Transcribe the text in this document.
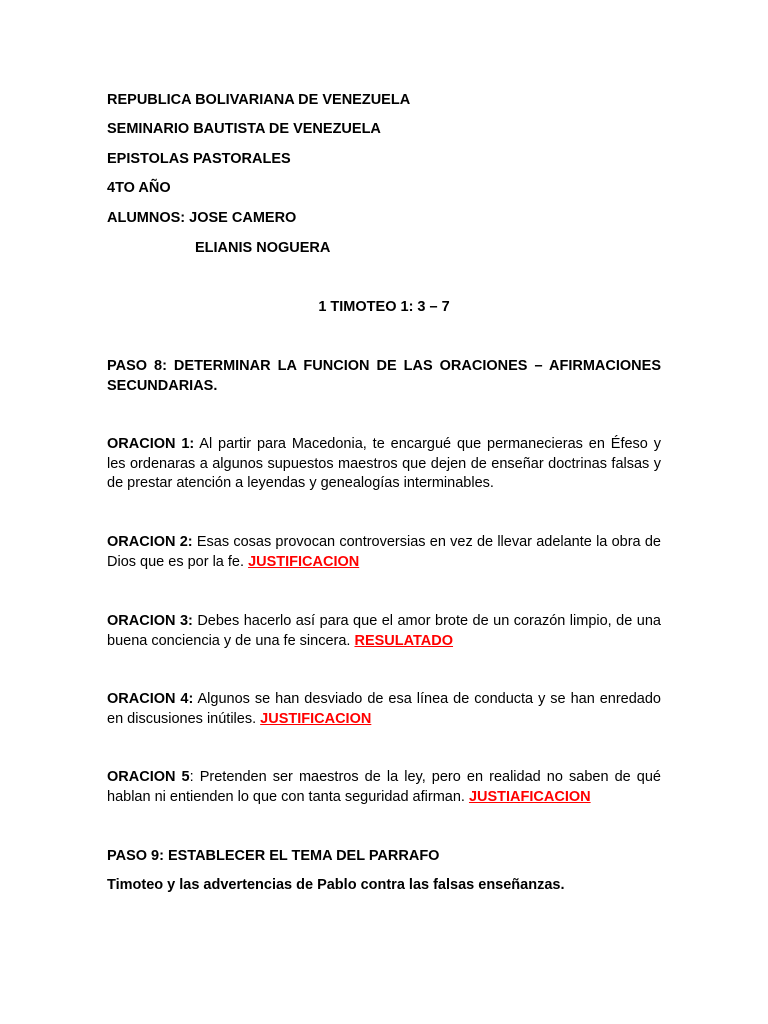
REPUBLICA BOLIVARIANA DE VENEZUELA
SEMINARIO BAUTISTA DE VENEZUELA
EPISTOLAS PASTORALES
4TO AÑO
ALUMNOS: JOSE CAMERO
ELIANIS NOGUERA
1 TIMOTEO 1: 3 – 7
PASO 8: DETERMINAR LA FUNCION DE LAS ORACIONES – AFIRMACIONES SECUNDARIAS.
ORACION 1: Al partir para Macedonia, te encargué que permanecieras en Éfeso y les ordenaras a algunos supuestos maestros que dejen de enseñar doctrinas falsas y de prestar atención a leyendas y genealogías interminables.
ORACION 2: Esas cosas provocan controversias en vez de llevar adelante la obra de Dios que es por la fe. JUSTIFICACION
ORACION 3: Debes hacerlo así para que el amor brote de un corazón limpio, de una buena conciencia y de una fe sincera. RESULATADO
ORACION 4: Algunos se han desviado de esa línea de conducta y se han enredado en discusiones inútiles. JUSTIFICACION
ORACION 5: Pretenden ser maestros de la ley, pero en realidad no saben de qué hablan ni entienden lo que con tanta seguridad afirman. JUSTIAFICACION
PASO 9: ESTABLECER EL TEMA DEL PARRAFO
Timoteo y las advertencias de Pablo contra las falsas enseñanzas.
